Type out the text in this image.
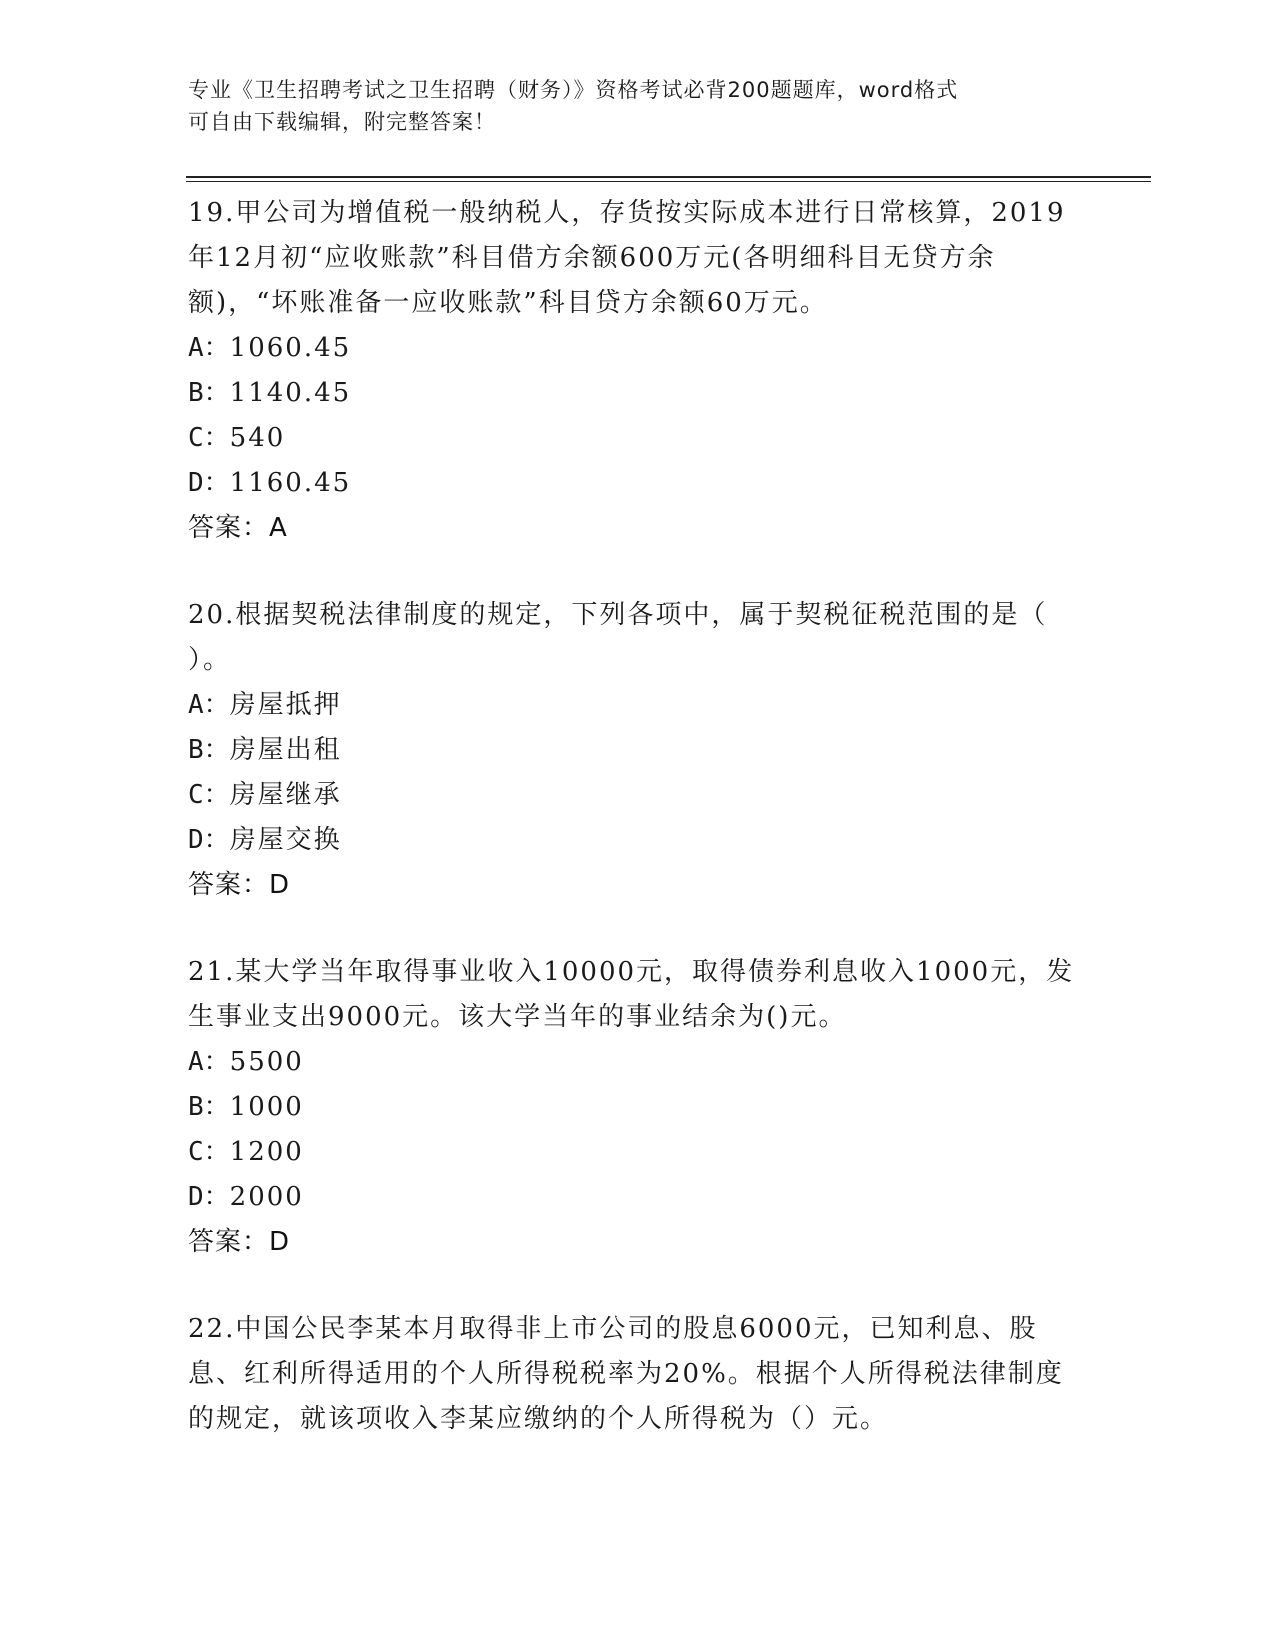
专业《卫生招聘考试之卫生招聘（财务）》资格考试必背200题题库，word格式
可自由下载编辑，附完整答案！

19.甲公司为增值税一般纳税人，存货按实际成本进行日常核算，2019年12月初“应收账款”科目借方余额600万元(各明细科目无贷方余额)，“坏账准备一应收账款”科目贷方余额60万元。

A：1060.45

B：1140.45

C：540

D：1160.45

答案：A

20.根据契税法律制度的规定，下列各项中，属于契税征税范围的是（ ）。

A：房屋抵押

B：房屋出租

C：房屋继承

D：房屋交换

答案：D

21.某大学当年取得事业收入10000元，取得债券利息收入1000元，发生事业支出9000元。该大学当年的事业结余为()元。

A：5500

B：1000

C：1200

D：2000

答案：D

22.中国公民李某本月取得非上市公司的股息6000元，已知利息、股息、红利所得适用的个人所得税税率为20%。根据个人所得税法律制度的规定，就该项收入李某应缴纳的个人所得税为（）元。
